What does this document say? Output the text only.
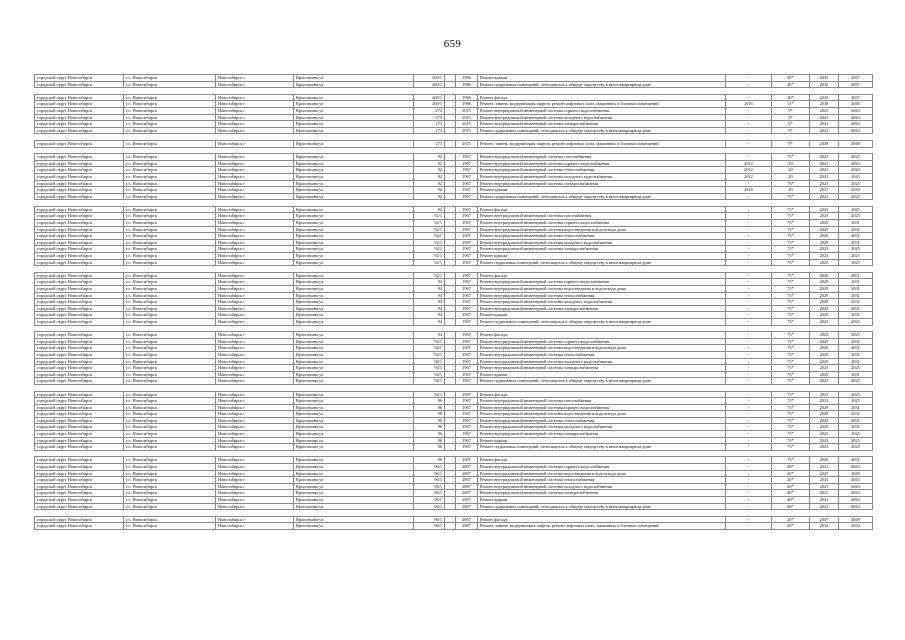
659
городской округ Новосибирск	г.о. Новосибирск	Новосибирск г	Кропоткина ул	269/1		1986	Ремонт крыши	-	48*	2035	2037
городской округ Новосибирск	г.о. Новосибирск	Новосибирск г	Кропоткина ул	269/1		1986	Ремонт подвальных помещений, относящихся к общему имуществу в многоквартирном доме	-	48*	2035	2037

городской округ Новосибирск	г.о. Новосибирск	Новосибирск г	Кропоткина ул	269/1		1986	Ремонт фасада	-	48*	2035	2037
городской округ Новосибирск	г.о. Новосибирск	Новосибирск г	Кропоткина ул	269/1		1986	Ремонт, замена, модернизация лифтов, ремонт лифтовых шахт, машинных и блочных помещений	2016	11*	2038	2040
городской округ Новосибирск	г.о. Новосибирск	Новосибирск г	Кропоткина ул	273		2015	Ремонт внутридомовой инженерной системы горячего водоснабжения	-	9*	2041	2043
городской округ Новосибирск	г.о. Новосибирск	Новосибирск г	Кропоткина ул	273		2015	Ремонт внутридомовой инженерной системы холодного водоснабжения	-	9*	2041	2043
городской округ Новосибирск	г.о. Новосибирск	Новосибирск г	Кропоткина ул	273		2015	Ремонт внутридомовой инженерной системы электроснабжения	-	9*	2041	2043
городской округ Новосибирск	г.о. Новосибирск	Новосибирск г	Кропоткина ул	273		2015	Ремонт подвальных помещений, относящихся к общему имуществу в многоквартирном доме	-	9*	2041	2043

городской округ Новосибирск	г.о. Новосибирск	Новосибирск г	Кропоткина ул	273		2015	Ремонт, замена, модернизация лифтов, ремонт лифтовых шахт, машинных и блочных помещений	-	9*	2038	2040

городской округ Новосибирск	г.о. Новосибирск	Новосибирск г	Кропоткина ул	92		1967	Ремонт внутридомовой инженерной системы газоснабжения	-	73*	2023	2025
городской округ Новосибирск	г.о. Новосибирск	Новосибирск г	Кропоткина ул	92		1967	Ремонт внутридомовой инженерной системы горячего водоснабжения	2012	20	2041	2043
городской округ Новосибирск	г.о. Новосибирск	Новосибирск г	Кропоткина ул	92		1967	Ремонт внутридомовой инженерной системы теплоснабжения	2012	20	2041	2043
городской округ Новосибирск	г.о. Новосибирск	Новосибирск г	Кропоткина ул	92		1967	Ремонт внутридомовой инженерной системы холодного водоснабжения	2012	20	2041	2043
городской округ Новосибирск	г.о. Новосибирск	Новосибирск г	Кропоткина ул	92		1967	Ремонт внутридомовой инженерной системы электроснабжения	-	73*	2023	2025
городской округ Новосибирск	г.о. Новосибирск	Новосибирск г	Кропоткина ул	92		1967	Ремонт крыши	2018	40	2037	2039
городской округ Новосибирск	г.о. Новосибирск	Новосибирск г	Кропоткина ул	92		1967	Ремонт подвальных помещений, относящихся к общему имуществу в многоквартирном доме	-	73*	2023	2025

городской округ Новосибирск	г.о. Новосибирск	Новосибирск г	Кропоткина ул	92		1967	Ремонт фасада	-	73*	2023	2025
городской округ Новосибирск	г.о. Новосибирск	Новосибирск г	Кропоткина ул	92/1		1967	Ремонт внутридомовой инженерной системы газоснабжения	-	73*	2023	2025
городской округ Новосибирск	г.о. Новосибирск	Новосибирск г	Кропоткина ул	92/1		1967	Ремонт внутридомовой инженерной системы горячего водоснабжения	-	73*	2029	2031
городской округ Новосибирск	г.о. Новосибирск	Новосибирск г	Кропоткина ул	92/1		1967	Ремонт внутридомовой инженерной системы водоотведения и водоотвода дома	-	73*	2029	2031
городской округ Новосибирск	г.о. Новосибирск	Новосибирск г	Кропоткина ул	92/1		1967	Ремонт внутридомовой инженерной системы теплоснабжения	-	73*	2029	2031
городской округ Новосибирск	г.о. Новосибирск	Новосибирск г	Кропоткина ул	92/1		1967	Ремонт внутридомовой инженерной системы холодного водоснабжения	-	73*	2029	2031
городской округ Новосибирск	г.о. Новосибирск	Новосибирск г	Кропоткина ул	92/1		1967	Ремонт внутридомовой инженерной системы электроснабжения	-	73*	2023	2025
городской округ Новосибирск	г.о. Новосибирск	Новосибирск г	Кропоткина ул	92/1		1967	Ремонт крыши	-	73*	2023	2025
городской округ Новосибирск	г.о. Новосибирск	Новосибирск г	Кропоткина ул	92/1		1967	Ремонт подвальных помещений, относящихся к общему имуществу в многоквартирном доме	-	73*	2023	2025

городской округ Новосибирск	г.о. Новосибирск	Новосибирск г	Кропоткина ул	92/1		1967	Ремонт фасада	-	73*	2029	2031
городской округ Новосибирск	г.о. Новосибирск	Новосибирск г	Кропоткина ул	94		1967	Ремонт внутридомовой инженерной системы горячего водоснабжения	-	73*	2029	2031
городской округ Новосибирск	г.о. Новосибирск	Новосибирск г	Кропоткина ул	94		1967	Ремонт внутридомовой инженерной системы водоотведения и водоотвода дома	-	73*	2029	2031
городской округ Новосибирск	г.о. Новосибирск	Новосибирск г	Кропоткина ул	94		1967	Ремонт внутридомовой инженерной системы теплоснабжения	-	73*	2029	2031
городской округ Новосибирск	г.о. Новосибирск	Новосибирск г	Кропоткина ул	94		1967	Ремонт внутридомовой инженерной системы холодного водоснабжения	-	73*	2029	2031
городской округ Новосибирск	г.о. Новосибирск	Новосибирск г	Кропоткина ул	94		1967	Ремонт внутридомовой инженерной системы электроснабжения	-	73*	2029	2031
городской округ Новосибирск	г.о. Новосибирск	Новосибирск г	Кропоткина ул	94		1967	Ремонт крыши	-	73*	2029	2031
городской округ Новосибирск	г.о. Новосибирск	Новосибирск г	Кропоткина ул	94		1967	Ремонт подвальных помещений, относящихся к общему имуществу в многоквартирном доме	-	73*	2023	2025

городской округ Новосибирск	г.о. Новосибирск	Новосибирск г	Кропоткина ул	94		1967	Ремонт фасада	-	73*	2023	2025
городской округ Новосибирск	г.о. Новосибирск	Новосибирск г	Кропоткина ул	94/1		1967	Ремонт внутридомовой инженерной системы горячего водоснабжения	-	73*	2029	2031
городской округ Новосибирск	г.о. Новосибирск	Новосибирск г	Кропоткина ул	94/1		1967	Ремонт внутридомовой инженерной системы водоотведения и водоотвода дома	-	73*	2029	2031
городской округ Новосибирск	г.о. Новосибирск	Новосибирск г	Кропоткина ул	94/1		1967	Ремонт внутридомовой инженерной системы теплоснабжения	-	73*	2029	2031
городской округ Новосибирск	г.о. Новосибирск	Новосибирск г	Кропоткина ул	94/1		1967	Ремонт внутридомовой инженерной системы холодного водоснабжения	-	73*	2029	2031
городской округ Новосибирск	г.о. Новосибирск	Новосибирск г	Кропоткина ул	94/1		1967	Ремонт внутридомовой инженерной системы электроснабжения	-	73*	2023	2025
городской округ Новосибирск	г.о. Новосибирск	Новосибирск г	Кропоткина ул	94/1		1967	Ремонт крыши	-	73*	2029	2031
городской округ Новосибирск	г.о. Новосибирск	Новосибирск г	Кропоткина ул	94/1		1967	Ремонт подвальных помещений, относящихся к общему имуществу в многоквартирном доме	-	73*	2023	2025

городской округ Новосибирск	г.о. Новосибирск	Новосибирск г	Кропоткина ул	94/1		1967	Ремонт фасада	-	73*	2023	2025
городской округ Новосибирск	г.о. Новосибирск	Новосибирск г	Кропоткина ул	96		1967	Ремонт внутридомовой инженерной системы газоснабжения	-	73*	2023	2025
городской округ Новосибирск	г.о. Новосибирск	Новосибирск г	Кропоткина ул	96		1967	Ремонт внутридомовой инженерной системы горячего водоснабжения	-	73*	2029	2031
городской округ Новосибирск	г.о. Новосибирск	Новосибирск г	Кропоткина ул	96		1967	Ремонт внутридомовой инженерной системы водоотведения и водоотвода дома	-	73*	2029	2031
городской округ Новосибирск	г.о. Новосибирск	Новосибирск г	Кропоткина ул	96		1967	Ремонт внутридомовой инженерной системы теплоснабжения	-	73*	2029	2031
городской округ Новосибирск	г.о. Новосибирск	Новосибирск г	Кропоткина ул	96		1967	Ремонт внутридомовой инженерной системы холодного водоснабжения	-	73*	2029	2031
городской округ Новосибирск	г.о. Новосибирск	Новосибирск г	Кропоткина ул	96		1967	Ремонт внутридомовой инженерной системы электроснабжения	-	73*	2023	2025
городской округ Новосибирск	г.о. Новосибирск	Новосибирск г	Кропоткина ул	96		1967	Ремонт крыши	-	73*	2023	2025
городской округ Новосибирск	г.о. Новосибирск	Новосибирск г	Кропоткина ул	96		1967	Ремонт подвальных помещений, относящихся к общему имуществу в многоквартирном доме	-	73*	2023	2025

городской округ Новосибирск	г.о. Новосибирск	Новосибирск г	Кропоткина ул	96		1967	Ремонт фасада	-	73*	2029	2031
городской округ Новосибирск	г.о. Новосибирск	Новосибирск г	Кропоткина ул	96/1		2007	Ремонт внутридомовой инженерной системы горячего водоснабжения	-	20*	2041	2043
городской округ Новосибирск	г.о. Новосибирск	Новосибирск г	Кропоткина ул	96/1		2007	Ремонт внутридомовой инженерной системы водоотведения и водоотвода дома	-	20*	2047	2049
городской округ Новосибирск	г.о. Новосибирск	Новосибирск г	Кропоткина ул	96/1		2007	Ремонт внутридомовой инженерной системы теплоснабжения	-	20*	2041	2043
городской округ Новосибирск	г.о. Новосибирск	Новосибирск г	Кропоткина ул	96/1		2007	Ремонт внутридомовой инженерной системы холодного водоснабжения	-	20*	2041	2043
городской округ Новосибирск	г.о. Новосибирск	Новосибирск г	Кропоткина ул	96/1		2007	Ремонт внутридомовой инженерной системы электроснабжения	-	20*	2041	2043
городской округ Новосибирск	г.о. Новосибирск	Новосибирск г	Кропоткина ул	96/1		2007	Ремонт крыши	-	20*	2041	2043
городской округ Новосибирск	г.о. Новосибирск	Новосибирск г	Кропоткина ул	96/1		2007	Ремонт подвальных помещений, относящихся к общему имуществу в многоквартирном доме	-	20*	2041	2043

городской округ Новосибирск	г.о. Новосибирск	Новосибирск г	Кропоткина ул	96/1		2007	Ремонт фасада	-	20*	2047	2049
городской округ Новосибирск	г.о. Новосибирск	Новосибирск г	Кропоткина ул	96/1		2007	Ремонт, замена, модернизация лифтов, ремонт лифтовых шахт, машинных и блочных помещений	-	20*	2032	2034
